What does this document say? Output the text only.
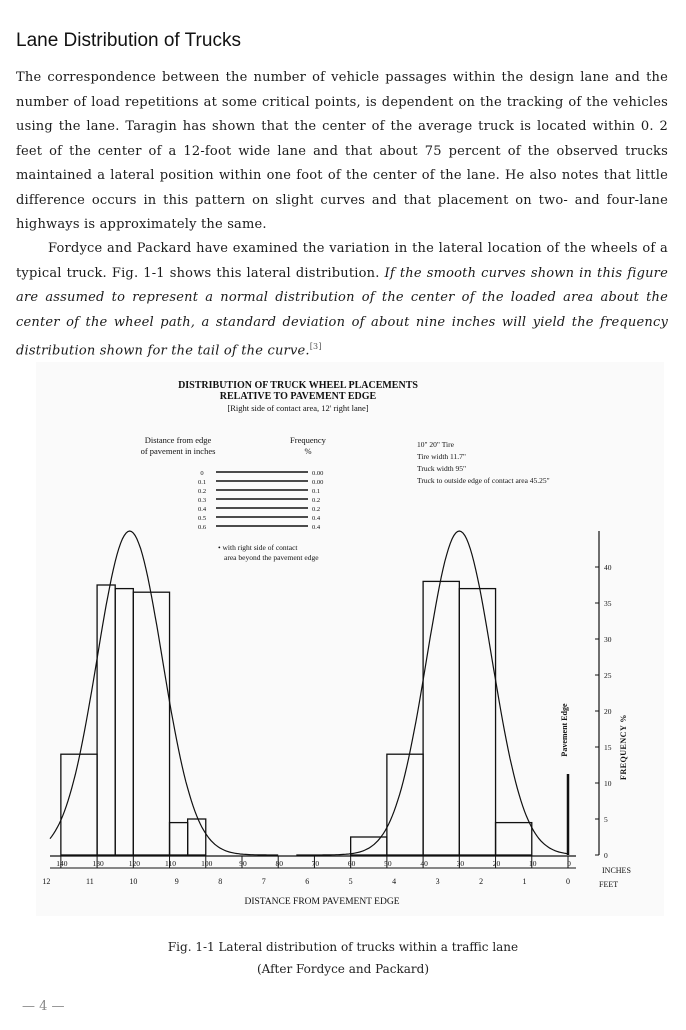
Lane Distribution of Trucks

The correspondence between the number of vehicle passages within the design lane and the number of load repetitions at some critical points, is dependent on the tracking of the vehicles using the lane. Taragin has shown that the center of the average truck is located within 0. 2 feet of the center of a 12-foot wide lane and that about 75 percent of the observed trucks maintained a lateral position within one foot of the center of the lane. He also notes that little difference occurs in this pattern on slight curves and that placement on two- and four-lane highways is approximately the same.

Fordyce and Packard have examined the variation in the lateral location of the wheels of a typical truck. Fig. 1-1 shows this lateral distribution. If the smooth curves shown in this figure are assumed to represent a normal distribution of the center of the loaded area about the center of the wheel path, a standard deviation of about nine inches will yield the frequency distribution shown for the tail of the curve.[3]

DISTRIBUTION OF TRUCK WHEEL PLACEMENTS
RELATIVE TO PAVEMENT EDGE
[Right side of contact area, 12' right lane]
Distance from edge
of pavement in inches
Frequency
%
0	0.00
0.1	0.00
0.2	0.1
0.3	0.2
0.4	0.2
0.5	0.4
0.6	0.4
• with right side of contact
area beyond the pavement edge
10" 20" Tire
Tire width 11.7"
Truck width 95"
Truck to outside edge of contact area 45.25"
0
5
10
15
20
25
30
35
40
140	130	120	110	100	90	80	70	60	50	40	30	20	10	0
12	11	10	9	8	7	6	5	4	3	2	1	0
FREQUENCY %
Pavement Edge
INCHES
FEET
DISTANCE FROM PAVEMENT EDGE
Fig. 1-1 Lateral distribution of trucks within a traffic lane
(After Fordyce and Packard)
— 4 —
